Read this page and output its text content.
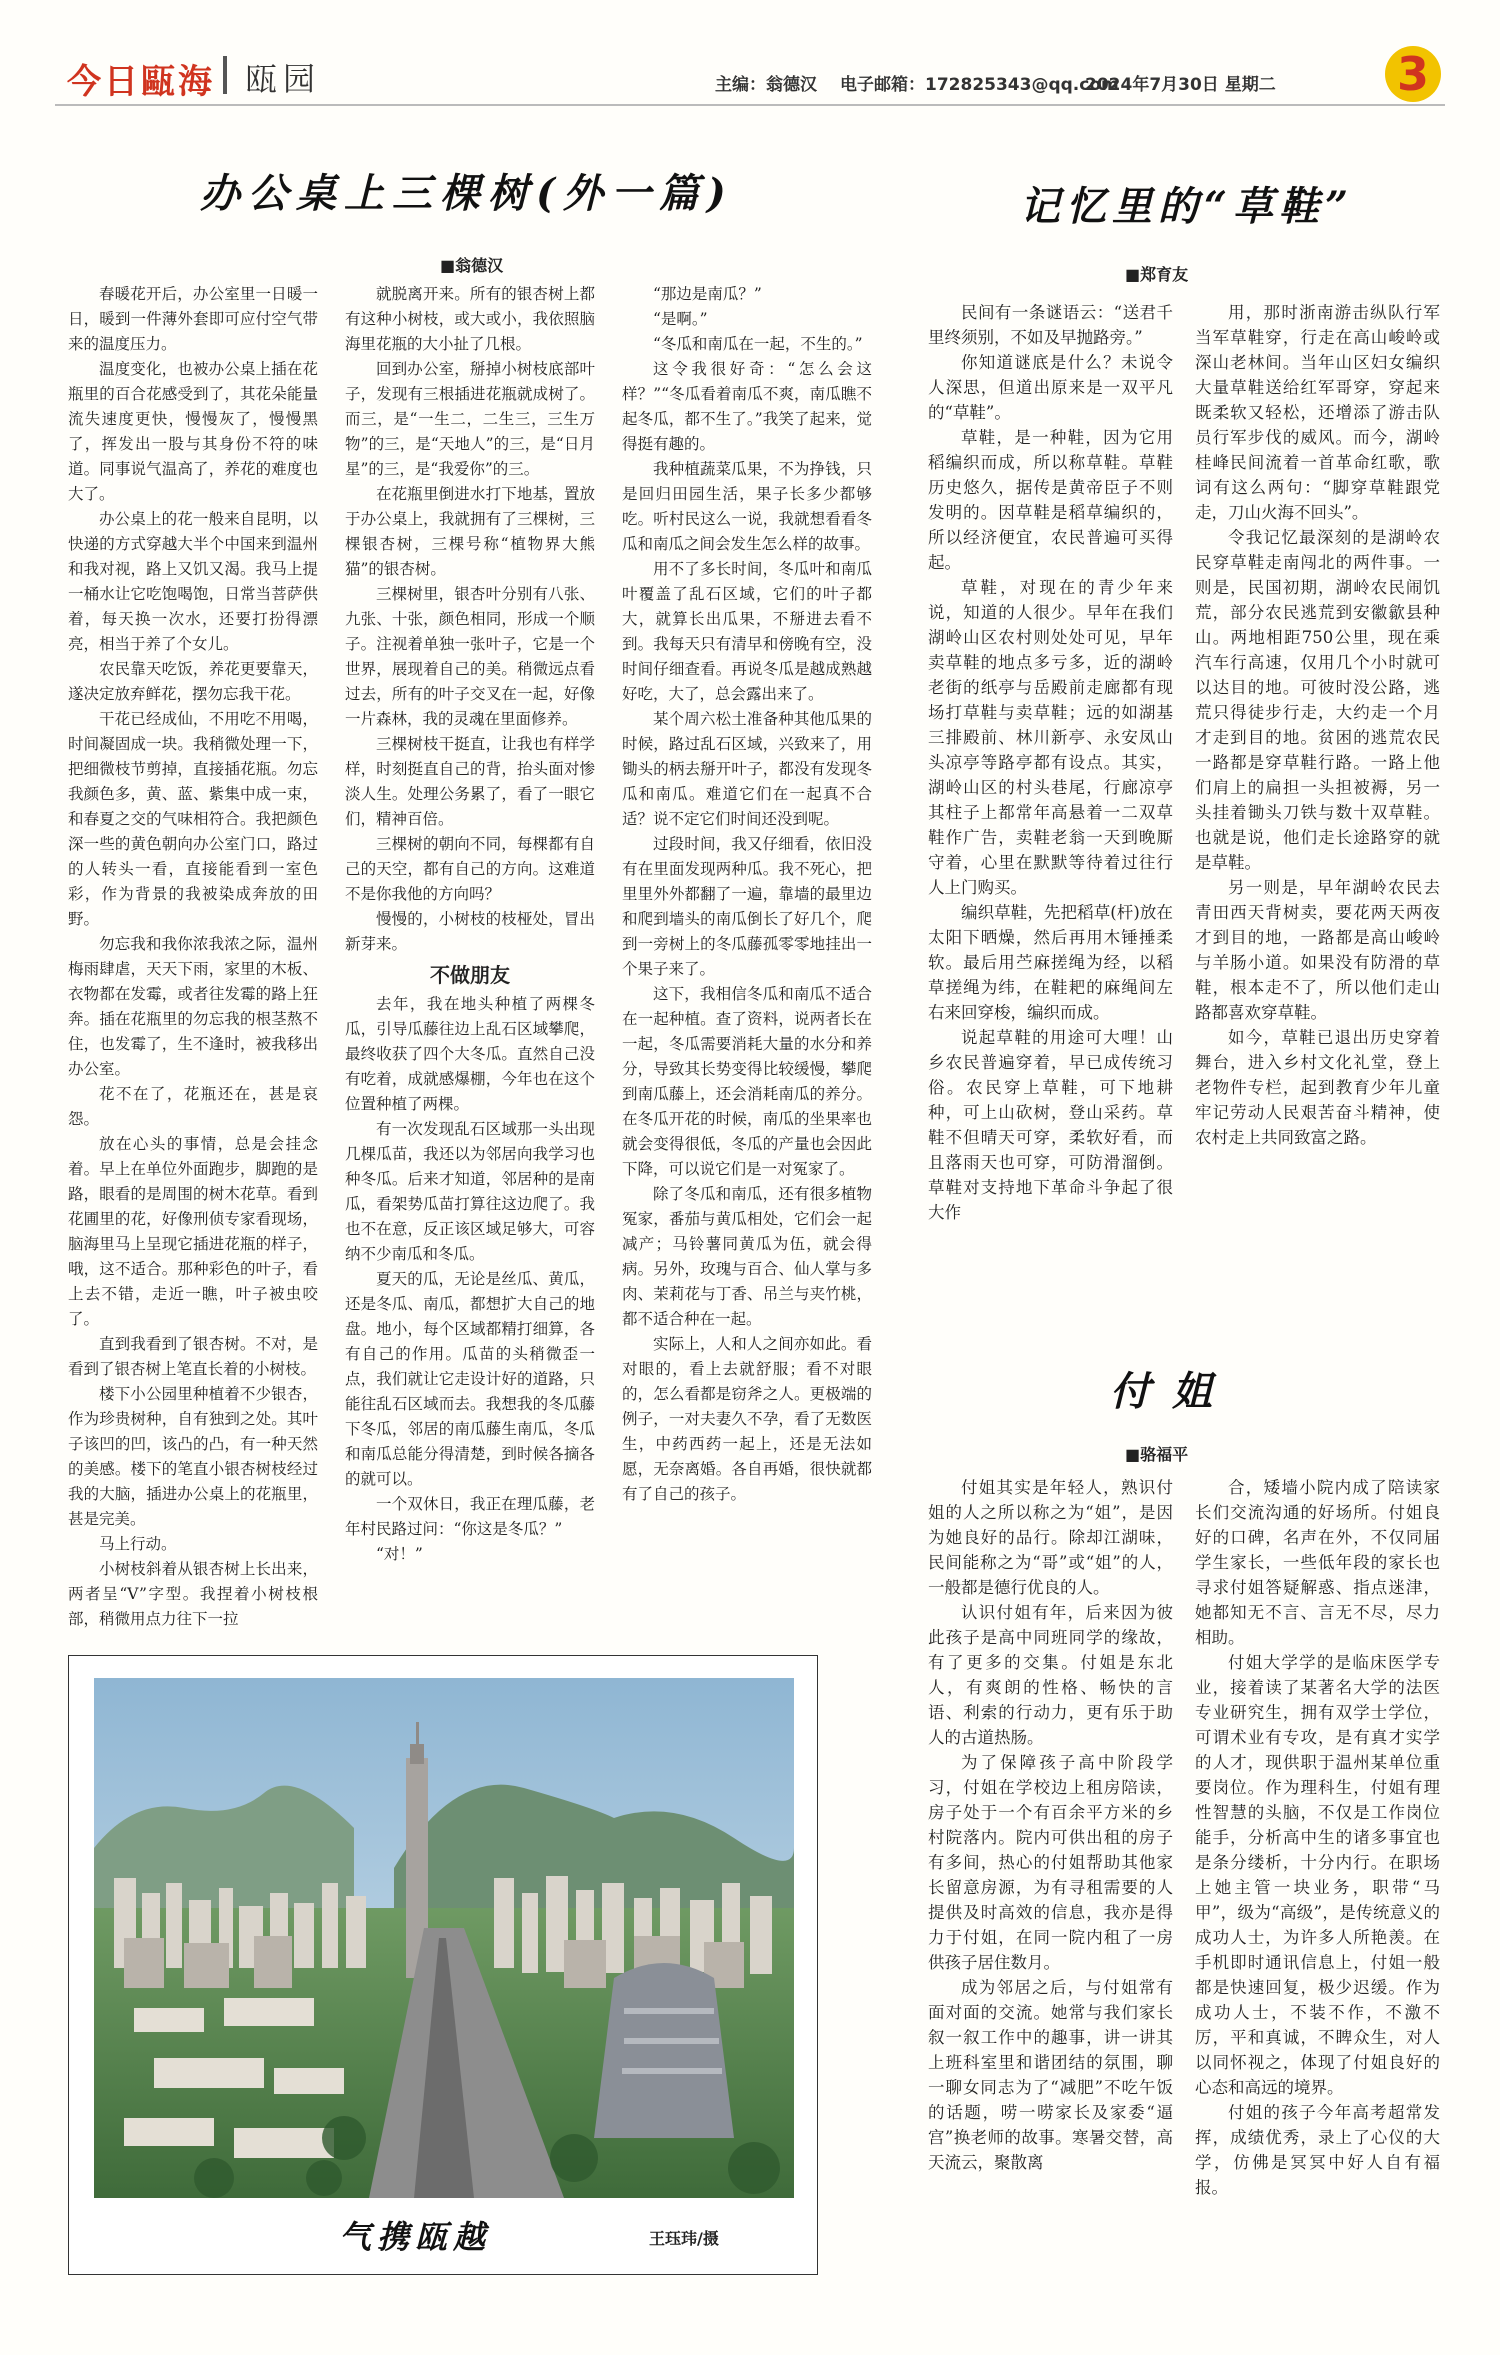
今日甌海 瓯园	主编：翁德汉 电子邮箱：172825343@qq.com
2024年7月30日 星期二	3
办公桌上三棵树(外一篇)
■翁德汉

春暖花开后，办公室里一日暖一日，暖到一件薄外套即可应付空气带来的温度压力。

温度变化，也被办公桌上插在花瓶里的百合花感受到了，其花朵能量流失速度更快，慢慢灰了，慢慢黑了，挥发出一股与其身份不符的味道。同事说气温高了，养花的难度也大了。

办公桌上的花一般来自昆明，以快递的方式穿越大半个中国来到温州和我对视，路上又饥又渴。我马上提一桶水让它吃饱喝饱，日常当菩萨供着，每天换一次水，还要打扮得漂亮，相当于养了个女儿。

农民靠天吃饭，养花更要靠天，遂决定放弃鲜花，摆勿忘我干花。

干花已经成仙，不用吃不用喝，时间凝固成一块。我稍微处理一下，把细微枝节剪掉，直接插花瓶。勿忘我颜色多，黄、蓝、紫集中成一束，和春夏之交的气味相符合。我把颜色深一些的黄色朝向办公室门口，路过的人转头一看，直接能看到一室色彩，作为背景的我被染成奔放的田野。

勿忘我和我你浓我浓之际，温州梅雨肆虐，天天下雨，家里的木板、衣物都在发霉，或者往发霉的路上狂奔。插在花瓶里的勿忘我的根茎熬不住，也发霉了，生不逢时，被我移出办公室。

花不在了，花瓶还在，甚是哀怨。

放在心头的事情，总是会挂念着。早上在单位外面跑步，脚跑的是路，眼看的是周围的树木花草。看到花圃里的花，好像刑侦专家看现场，脑海里马上呈现它插进花瓶的样子，哦，这不适合。那种彩色的叶子，看上去不错，走近一瞧，叶子被虫咬了。

直到我看到了银杏树。不对，是看到了银杏树上笔直长着的小树枝。

楼下小公园里种植着不少银杏，作为珍贵树种，自有独到之处。其叶子该凹的凹，该凸的凸，有一种天然的美感。楼下的笔直小银杏树枝经过我的大脑，插进办公桌上的花瓶里，甚是完美。

马上行动。

小树枝斜着从银杏树上长出来，两者呈“V”字型。我捏着小树枝根部，稍微用点力往下一拉

就脱离开来。所有的银杏树上都有这种小树枝，或大或小，我依照脑海里花瓶的大小扯了几根。

回到办公室，掰掉小树枝底部叶子，发现有三根插进花瓶就成树了。而三，是“一生二，二生三，三生万物”的三，是“天地人”的三，是“日月星”的三，是“我爱你”的三。

在花瓶里倒进水打下地基，置放于办公桌上，我就拥有了三棵树，三棵银杏树，三棵号称“植物界大熊猫”的银杏树。

三棵树里，银杏叶分别有八张、九张、十张，颜色相同，形成一个顺子。注视着单独一张叶子，它是一个世界，展现着自己的美。稍微远点看过去，所有的叶子交叉在一起，好像一片森林，我的灵魂在里面修养。

三棵树枝干挺直，让我也有样学样，时刻挺直自己的背，抬头面对惨淡人生。处理公务累了，看了一眼它们，精神百倍。

三棵树的朝向不同，每棵都有自己的天空，都有自己的方向。这难道不是你我他的方向吗？

慢慢的，小树枝的枝桠处，冒出新芽来。

不做朋友

去年，我在地头种植了两棵冬瓜，引导瓜藤往边上乱石区域攀爬，最终收获了四个大冬瓜。直然自己没有吃着，成就感爆棚，今年也在这个位置种植了两棵。

有一次发现乱石区域那一头出现几棵瓜苗，我还以为邻居向我学习也种冬瓜。后来才知道，邻居种的是南瓜，看架势瓜苗打算往这边爬了。我也不在意，反正该区域足够大，可容纳不少南瓜和冬瓜。

夏天的瓜，无论是丝瓜、黄瓜，还是冬瓜、南瓜，都想扩大自己的地盘。地小，每个区域都精打细算，各有自己的作用。瓜苗的头稍微歪一点，我们就让它走设计好的道路，只能往乱石区域而去。我想我的冬瓜藤下冬瓜，邻居的南瓜藤生南瓜，冬瓜和南瓜总能分得清楚，到时候各摘各的就可以。

一个双休日，我正在理瓜藤，老年村民路过问：“你这是冬瓜？”

“对！”

“那边是南瓜？”

“是啊。”

“冬瓜和南瓜在一起，不生的。”

这令我很好奇：“怎么会这样？”“冬瓜看着南瓜不爽，南瓜瞧不起冬瓜，都不生了。”我笑了起来，觉得挺有趣的。

我种植蔬菜瓜果，不为挣钱，只是回归田园生活，果子长多少都够吃。听村民这么一说，我就想看看冬瓜和南瓜之间会发生怎么样的故事。

用不了多长时间，冬瓜叶和南瓜叶覆盖了乱石区域，它们的叶子都大，就算长出瓜果，不掰进去看不到。我每天只有清早和傍晚有空，没时间仔细查看。再说冬瓜是越成熟越好吃，大了，总会露出来了。

某个周六松土准备种其他瓜果的时候，路过乱石区域，兴致来了，用锄头的柄去掰开叶子，都没有发现冬瓜和南瓜。难道它们在一起真不合适？说不定它们时间还没到呢。

过段时间，我又仔细看，依旧没有在里面发现两种瓜。我不死心，把里里外外都翻了一遍，靠墙的最里边和爬到墙头的南瓜倒长了好几个，爬到一旁树上的冬瓜藤孤零零地挂出一个果子来了。

这下，我相信冬瓜和南瓜不适合在一起种植。查了资料，说两者长在一起，冬瓜需要消耗大量的水分和养分，导致其长势变得比较缓慢，攀爬到南瓜藤上，还会消耗南瓜的养分。在冬瓜开花的时候，南瓜的坐果率也就会变得很低，冬瓜的产量也会因此下降，可以说它们是一对冤家了。

除了冬瓜和南瓜，还有很多植物冤家，番茄与黄瓜相处，它们会一起减产；马铃薯同黄瓜为伍，就会得病。另外，玫瑰与百合、仙人掌与多肉、茉莉花与丁香、吊兰与夹竹桃，都不适合种在一起。

实际上，人和人之间亦如此。看对眼的，看上去就舒服；看不对眼的，怎么看都是窃斧之人。更极端的例子，一对夫妻久不孕，看了无数医生，中药西药一起上，还是无法如愿，无奈离婚。各自再婚，很快就都有了自己的孩子。

记忆里的“草鞋”
■郑育友

民间有一条谜语云：“送君千里终须别，不如及早抛路旁。”

你知道谜底是什么？未说令人深思，但道出原来是一双平凡的“草鞋”。

草鞋，是一种鞋，因为它用稻编织而成，所以称草鞋。草鞋历史悠久，据传是黄帝臣子不则发明的。因草鞋是稻草编织的，所以经济便宜，农民普遍可买得起。

草鞋，对现在的青少年来说，知道的人很少。早年在我们湖岭山区农村则处处可见，早年卖草鞋的地点多亏多，近的湖岭老街的纸亭与岳殿前走廊都有现场打草鞋与卖草鞋；远的如湖基三排殿前、林川新亭、永安凤山头凉亭等路亭都有设点。其实，湖岭山区的村头巷尾，行廊凉亭其柱子上都常年高悬着一二双草鞋作广告，卖鞋老翁一天到晚厮守着，心里在默默等待着过往行人上门购买。

编织草鞋，先把稻草(杆)放在太阳下晒燥，然后再用木锤捶柔软。最后用苎麻搓绳为经，以稻草搓绳为纬，在鞋耙的麻绳间左右来回穿梭，编织而成。

说起草鞋的用途可大哩！山乡农民普遍穿着，早已成传统习俗。农民穿上草鞋，可下地耕种，可上山砍树，登山采药。草鞋不但晴天可穿，柔软好看，而且落雨天也可穿，可防滑溜倒。草鞋对支持地下革命斗争起了很大作

用，那时浙南游击纵队行军当军草鞋穿，行走在高山峻岭或深山老林间。当年山区妇女编织大量草鞋送给红军哥穿，穿起来既柔软又轻松，还增添了游击队员行军步伐的威风。而今，湖岭桂峰民间流着一首革命红歌，歌词有这么两句：“脚穿草鞋跟党走，刀山火海不回头”。

令我记忆最深刻的是湖岭农民穿草鞋走南闯北的两件事。一则是，民国初期，湖岭农民闹饥荒，部分农民逃荒到安徽歙县种山。两地相距750公里，现在乘汽车行高速，仅用几个小时就可以达目的地。可彼时没公路，逃荒只得徒步行走，大约走一个月才走到目的地。贫困的逃荒农民一路都是穿草鞋行路。一路上他们肩上的扁担一头担被褥，另一头挂着锄头刀铁与数十双草鞋。也就是说，他们走长途路穿的就是草鞋。

另一则是，早年湖岭农民去青田西天背树卖，要花两天两夜才到目的地，一路都是高山峻岭与羊肠小道。如果没有防滑的草鞋，根本走不了，所以他们走山路都喜欢穿草鞋。

如今，草鞋已退出历史穿着舞台，进入乡村文化礼堂，登上老物件专栏，起到教育少年儿童牢记劳动人民艰苦奋斗精神，使农村走上共同致富之路。

付姐
■骆福平

付姐其实是年轻人，熟识付姐的人之所以称之为“姐”，是因为她良好的品行。除却江湖味，民间能称之为“哥”或“姐”的人，一般都是德行优良的人。

认识付姐有年，后来因为彼此孩子是高中同班同学的缘故，有了更多的交集。付姐是东北人，有爽朗的性格、畅快的言语、利索的行动力，更有乐于助人的古道热肠。

为了保障孩子高中阶段学习，付姐在学校边上租房陪读，房子处于一个有百余平方米的乡村院落内。院内可供出租的房子有多间，热心的付姐帮助其他家长留意房源，为有寻租需要的人提供及时高效的信息，我亦是得力于付姐，在同一院内租了一房供孩子居住数月。

成为邻居之后，与付姐常有面对面的交流。她常与我们家长叙一叙工作中的趣事，讲一讲其上班科室里和谐团结的氛围，聊一聊女同志为了“减肥”不吃午饭的话题，唠一唠家长及家委“逼宫”换老师的故事。寒暑交替，高天流云，聚散离

合，矮墙小院内成了陪读家长们交流沟通的好场所。付姐良好的口碑，名声在外，不仅同届学生家长，一些低年段的家长也寻求付姐答疑解惑、指点迷津，她都知无不言、言无不尽，尽力相助。

付姐大学学的是临床医学专业，接着读了某著名大学的法医专业研究生，拥有双学士学位，可谓术业有专攻，是有真才实学的人才，现供职于温州某单位重要岗位。作为理科生，付姐有理性智慧的头脑，不仅是工作岗位能手，分析高中生的诸多事宜也是条分缕析，十分内行。在职场上她主管一块业务，职带“马甲”，级为“高级”，是传统意义的成功人士，为许多人所艳羡。在手机即时通讯信息上，付姐一般都是快速回复，极少迟缓。作为成功人士，不装不作，不激不厉，平和真诚，不睥众生，对人以同怀视之，体现了付姐良好的心态和高远的境界。

付姐的孩子今年高考超常发挥，成绩优秀，录上了心仪的大学，仿佛是冥冥中好人自有福报。

气携瓯越	王珏玮/摄
